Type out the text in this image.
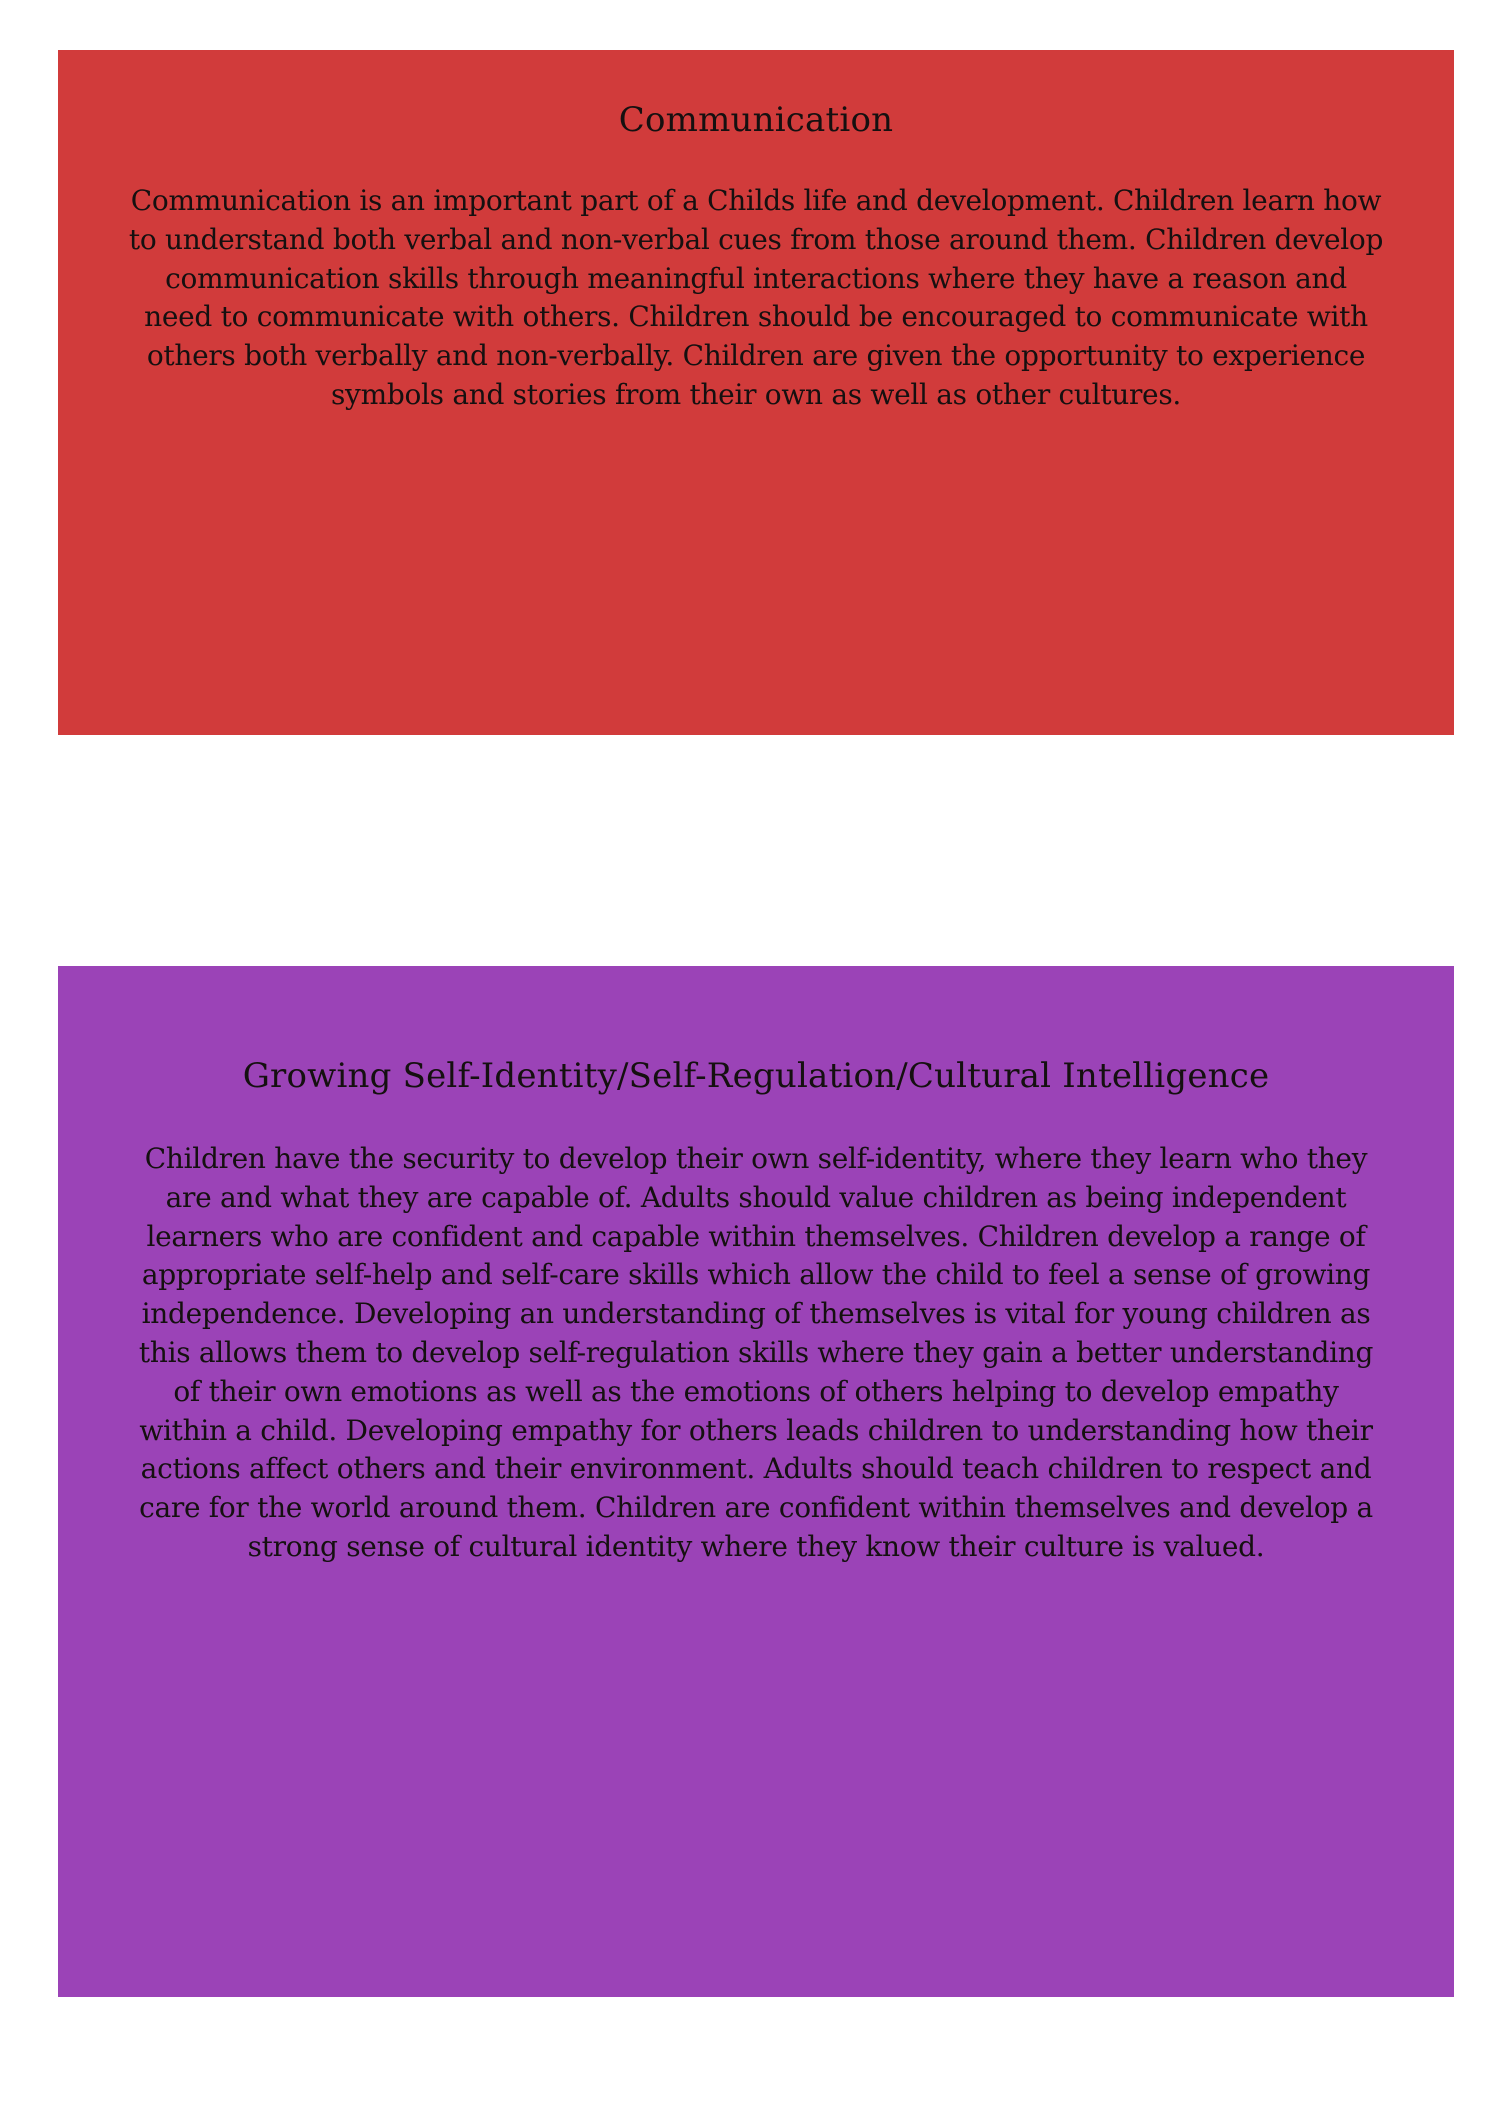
Communication

Communication is an important part of a Childs life and development. Children learn how to understand both verbal and non-verbal cues from those around them. Children develop communication skills through meaningful interactions where they have a reason and need to communicate with others. Children should be encouraged to communicate with others both verbally and non-verbally. Children are given the opportunity to experience symbols and stories from their own as well as other cultures.

Growing Self-Identity/Self-Regulation/Cultural Intelligence

Children have the security to develop their own self-identity, where they learn who they are and what they are capable of. Adults should value children as being independent learners who are confident and capable within themselves. Children develop a range of appropriate self-help and self-care skills which allow the child to feel a sense of growing independence. Developing an understanding of themselves is vital for young children as this allows them to develop self-regulation skills where they gain a better understanding of their own emotions as well as the emotions of others helping to develop empathy within a child. Developing empathy for others leads children to understanding how their actions affect others and their environment. Adults should teach children to respect and care for the world around them. Children are confident within themselves and develop a strong sense of cultural identity where they know their culture is valued.
